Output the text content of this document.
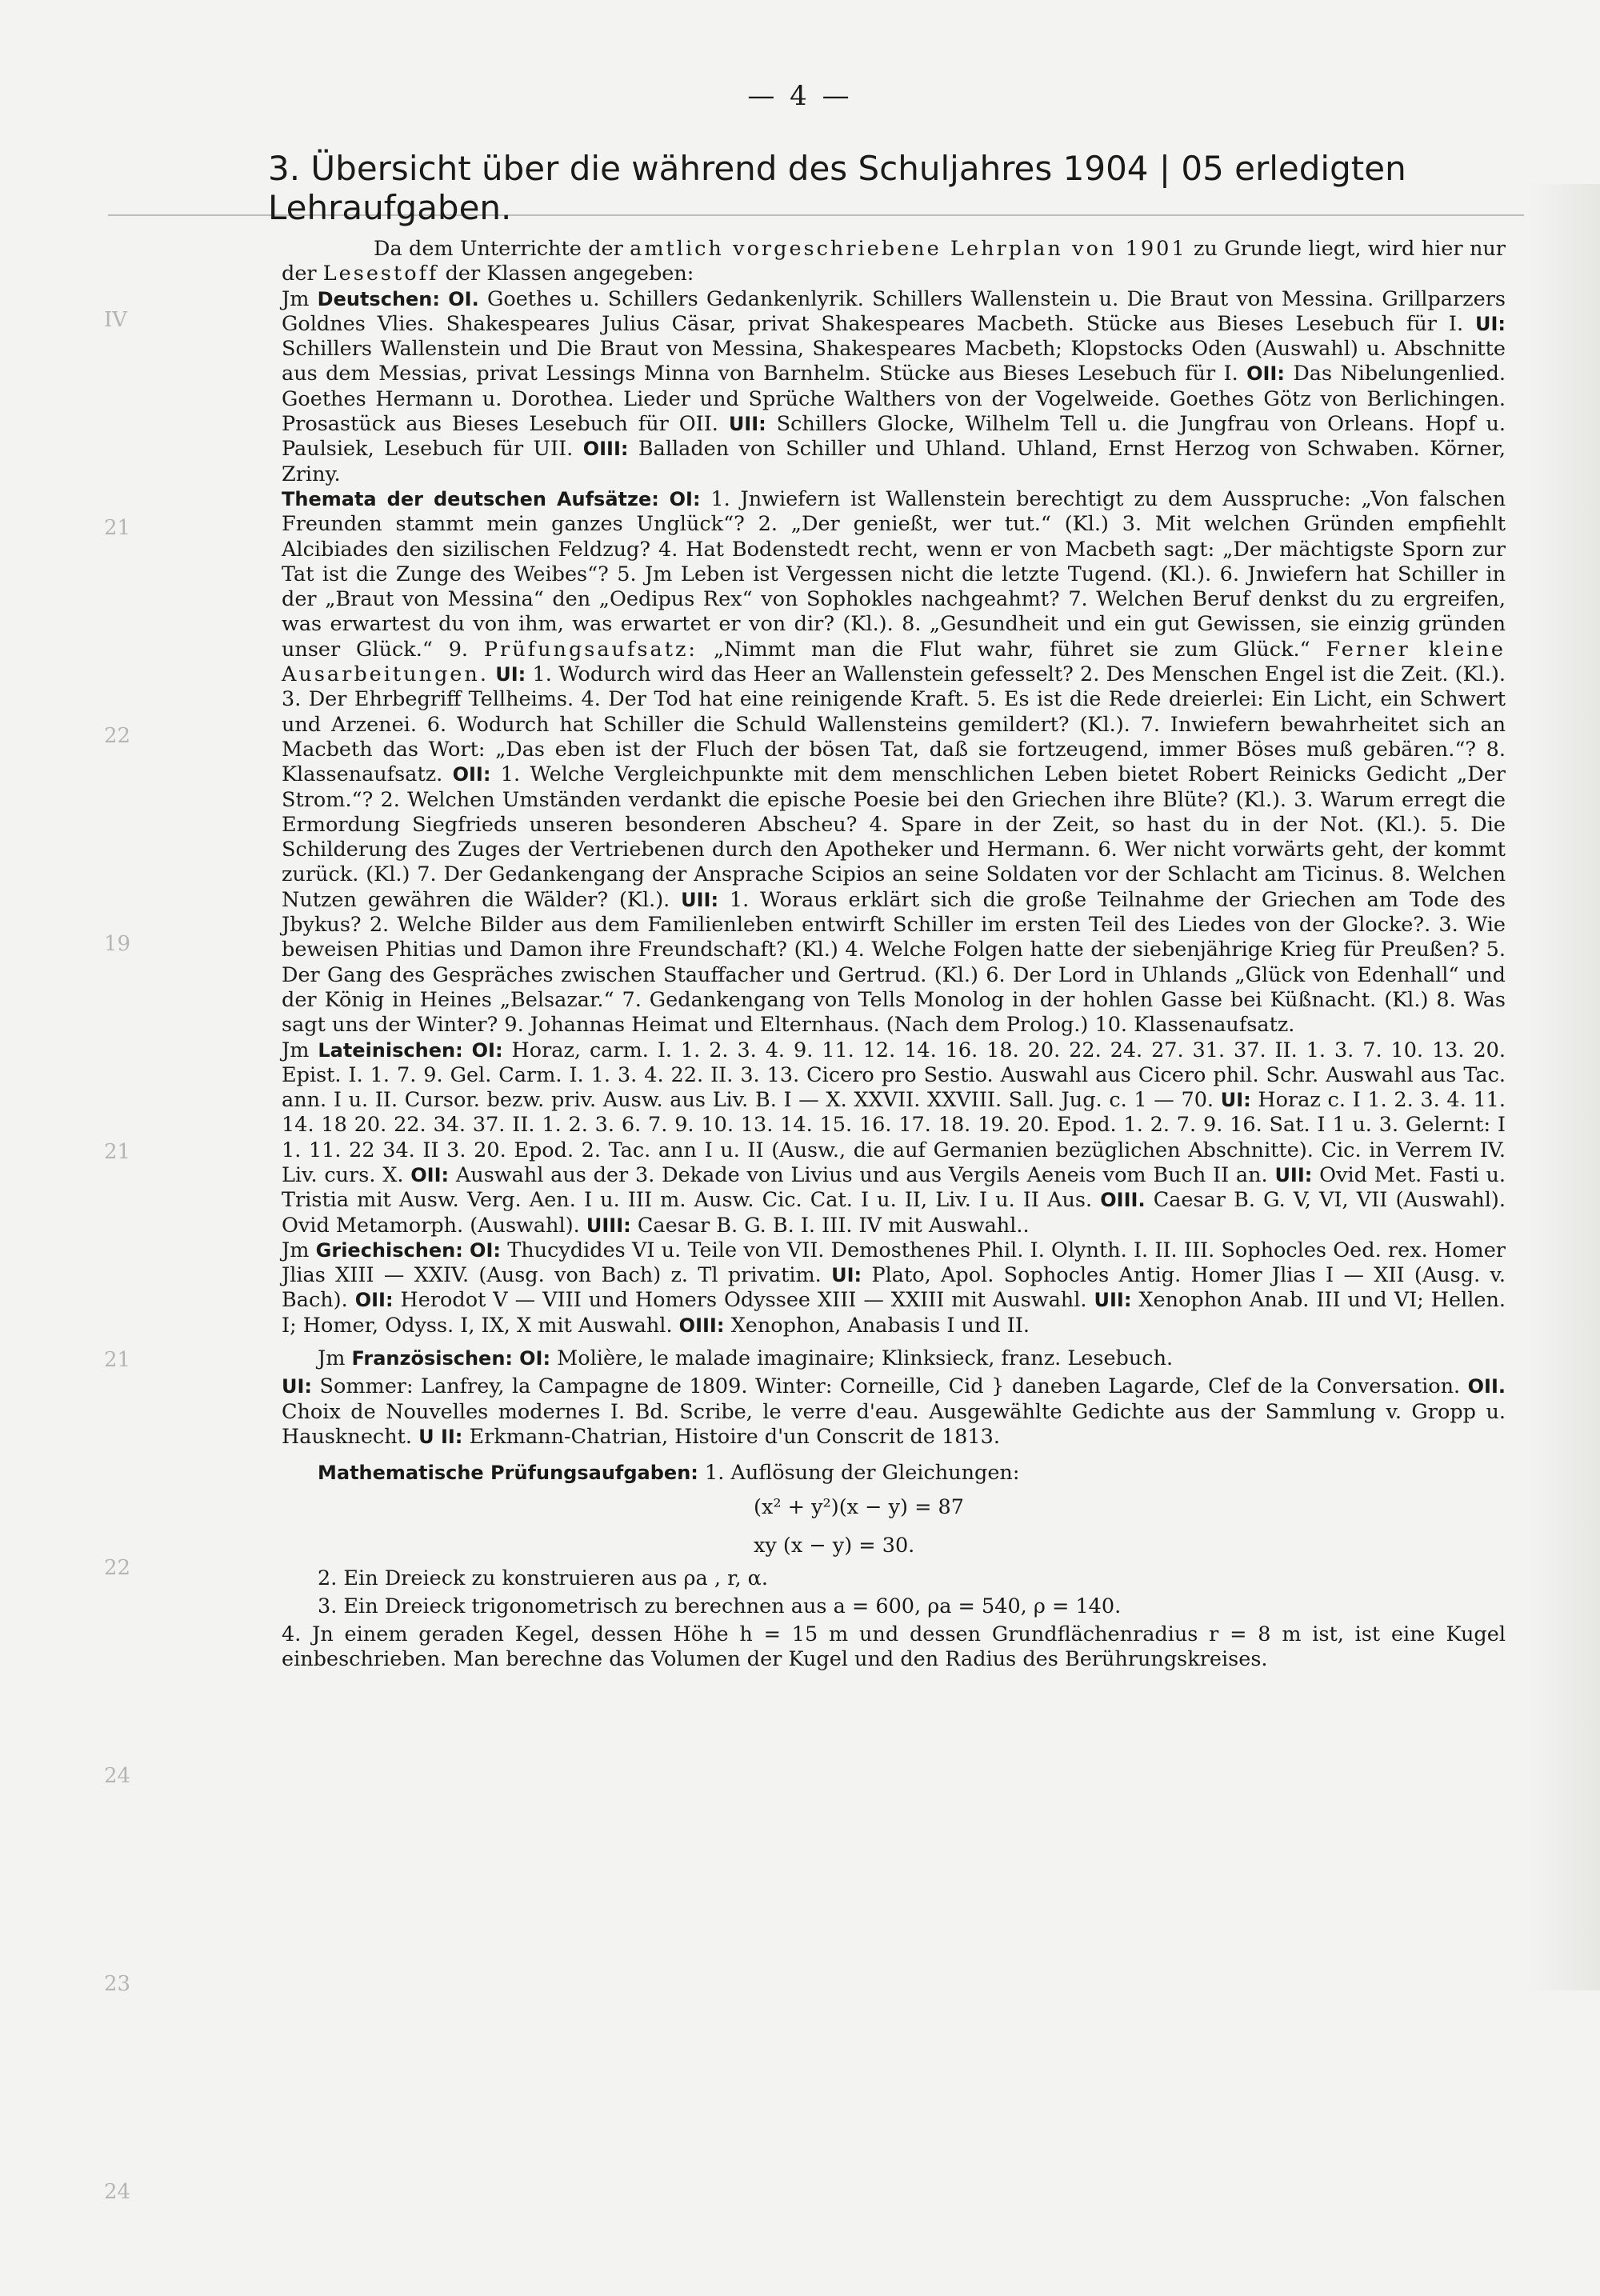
IV
21
22
19
21
21
22
24
23
24
— 4 —
3. Übersicht über die während des Schuljahres 1904 | 05 erledigten Lehraufgaben.

Da dem Unterrichte der amtlich vorgeschriebene Lehrplan von 1901 zu Grunde liegt, wird hier nur der Lesestoff der Klassen angegeben:

Jm Deutschen: OI. Goethes u. Schillers Gedankenlyrik. Schillers Wallenstein u. Die Braut von Messina. Grillparzers Goldnes Vlies. Shakespeares Julius Cäsar, privat Shakespeares Macbeth. Stücke aus Bieses Lesebuch für I. UI: Schillers Wallenstein und Die Braut von Messina, Shakespeares Macbeth; Klopstocks Oden (Auswahl) u. Abschnitte aus dem Messias, privat Lessings Minna von Barnhelm. Stücke aus Bieses Lesebuch für I. OII: Das Nibelungenlied. Goethes Hermann u. Dorothea. Lieder und Sprüche Walthers von der Vogelweide. Goethes Götz von Berlichingen. Prosastück aus Bieses Lesebuch für OII. UII: Schillers Glocke, Wilhelm Tell u. die Jungfrau von Orleans. Hopf u. Paulsiek, Lesebuch für UII. OIII: Balladen von Schiller und Uhland. Uhland, Ernst Herzog von Schwaben. Körner, Zriny.

Themata der deutschen Aufsätze: OI: 1. Jnwiefern ist Wallenstein berechtigt zu dem Ausspruche: „Von falschen Freunden stammt mein ganzes Unglück“? 2. „Der genießt, wer tut.“ (Kl.) 3. Mit welchen Gründen empfiehlt Alcibiades den sizilischen Feldzug? 4. Hat Bodenstedt recht, wenn er von Macbeth sagt: „Der mächtigste Sporn zur Tat ist die Zunge des Weibes“? 5. Jm Leben ist Vergessen nicht die letzte Tugend. (Kl.). 6. Jnwiefern hat Schiller in der „Braut von Messina“ den „Oedipus Rex“ von Sophokles nachgeahmt? 7. Welchen Beruf denkst du zu ergreifen, was erwartest du von ihm, was erwartet er von dir? (Kl.). 8. „Gesundheit und ein gut Gewissen, sie einzig gründen unser Glück.“ 9. Prüfungsaufsatz: „Nimmt man die Flut wahr, führet sie zum Glück.“ Ferner kleine Ausarbeitungen. UI: 1. Wodurch wird das Heer an Wallenstein gefesselt? 2. Des Menschen Engel ist die Zeit. (Kl.). 3. Der Ehrbegriff Tellheims. 4. Der Tod hat eine reinigende Kraft. 5. Es ist die Rede dreierlei: Ein Licht, ein Schwert und Arzenei. 6. Wodurch hat Schiller die Schuld Wallensteins gemildert? (Kl.). 7. Inwiefern bewahrheitet sich an Macbeth das Wort: „Das eben ist der Fluch der bösen Tat, daß sie fortzeugend, immer Böses muß gebären.“? 8. Klassenaufsatz. OII: 1. Welche Vergleichpunkte mit dem menschlichen Leben bietet Robert Reinicks Gedicht „Der Strom.“? 2. Welchen Umständen verdankt die epische Poesie bei den Griechen ihre Blüte? (Kl.). 3. Warum erregt die Ermordung Siegfrieds unseren besonderen Abscheu? 4. Spare in der Zeit, so hast du in der Not. (Kl.). 5. Die Schilderung des Zuges der Vertriebenen durch den Apotheker und Hermann. 6. Wer nicht vorwärts geht, der kommt zurück. (Kl.) 7. Der Gedankengang der Ansprache Scipios an seine Soldaten vor der Schlacht am Ticinus. 8. Welchen Nutzen gewähren die Wälder? (Kl.). UII: 1. Woraus erklärt sich die große Teilnahme der Griechen am Tode des Jbykus? 2. Welche Bilder aus dem Familienleben entwirft Schiller im ersten Teil des Liedes von der Glocke?. 3. Wie beweisen Phitias und Damon ihre Freundschaft? (Kl.) 4. Welche Folgen hatte der siebenjährige Krieg für Preußen? 5. Der Gang des Gespräches zwischen Stauffacher und Gertrud. (Kl.) 6. Der Lord in Uhlands „Glück von Edenhall“ und der König in Heines „Belsazar.“ 7. Gedankengang von Tells Monolog in der hohlen Gasse bei Küßnacht. (Kl.) 8. Was sagt uns der Winter? 9. Johannas Heimat und Elternhaus. (Nach dem Prolog.) 10. Klassenaufsatz.

Jm Lateinischen: OI: Horaz, carm. I. 1. 2. 3. 4. 9. 11. 12. 14. 16. 18. 20. 22. 24. 27. 31. 37. II. 1. 3. 7. 10. 13. 20. Epist. I. 1. 7. 9. Gel. Carm. I. 1. 3. 4. 22. II. 3. 13. Cicero pro Sestio. Auswahl aus Cicero phil. Schr. Auswahl aus Tac. ann. I u. II. Cursor. bezw. priv. Ausw. aus Liv. B. I — X. XXVII. XXVIII. Sall. Jug. c. 1 — 70. UI: Horaz c. I 1. 2. 3. 4. 11. 14. 18 20. 22. 34. 37. II. 1. 2. 3. 6. 7. 9. 10. 13. 14. 15. 16. 17. 18. 19. 20. Epod. 1. 2. 7. 9. 16. Sat. I 1 u. 3. Gelernt: I 1. 11. 22 34. II 3. 20. Epod. 2. Tac. ann I u. II (Ausw., die auf Germanien bezüglichen Abschnitte). Cic. in Verrem IV. Liv. curs. X. OII: Auswahl aus der 3. Dekade von Livius und aus Vergils Aeneis vom Buch II an. UII: Ovid Met. Fasti u. Tristia mit Ausw. Verg. Aen. I u. III m. Ausw. Cic. Cat. I u. II, Liv. I u. II Aus. OIII. Caesar B. G. V, VI, VII (Auswahl). Ovid Metamorph. (Auswahl). UIII: Caesar B. G. B. I. III. IV mit Auswahl..

Jm Griechischen: OI: Thucydides VI u. Teile von VII. Demosthenes Phil. I. Olynth. I. II. III. Sophocles Oed. rex. Homer Jlias XIII — XXIV. (Ausg. von Bach) z. Tl privatim. UI: Plato, Apol. Sophocles Antig. Homer Jlias I — XII (Ausg. v. Bach). OII: Herodot V — VIII und Homers Odyssee XIII — XXIII mit Auswahl. UII: Xenophon Anab. III und VI; Hellen. I; Homer, Odyss. I, IX, X mit Auswahl. OIII: Xenophon, Anabasis I und II.

Jm Französischen: OI: Molière, le malade imaginaire; Klinksieck, franz. Lesebuch.

UI: Sommer: Lanfrey, la Campagne de 1809. Winter: Corneille, Cid } daneben Lagarde, Clef de la Conversation. OII. Choix de Nouvelles modernes I. Bd. Scribe, le verre d'eau. Ausgewählte Gedichte aus der Sammlung v. Gropp u. Hausknecht. U II: Erkmann-Chatrian, Histoire d'un Conscrit de 1813.

Mathematische Prüfungsaufgaben: 1. Auflösung der Gleichungen:

(x² + y²)(x − y) = 87

xy (x − y) = 30.

2. Ein Dreieck zu konstruieren aus ρa , r, α.

3. Ein Dreieck trigonometrisch zu berechnen aus a = 600, ρa = 540, ρ = 140.

4. Jn einem geraden Kegel, dessen Höhe h = 15 m und dessen Grundflächenradius r = 8 m ist, ist eine Kugel einbeschrieben. Man berechne das Volumen der Kugel und den Radius des Berührungskreises.
